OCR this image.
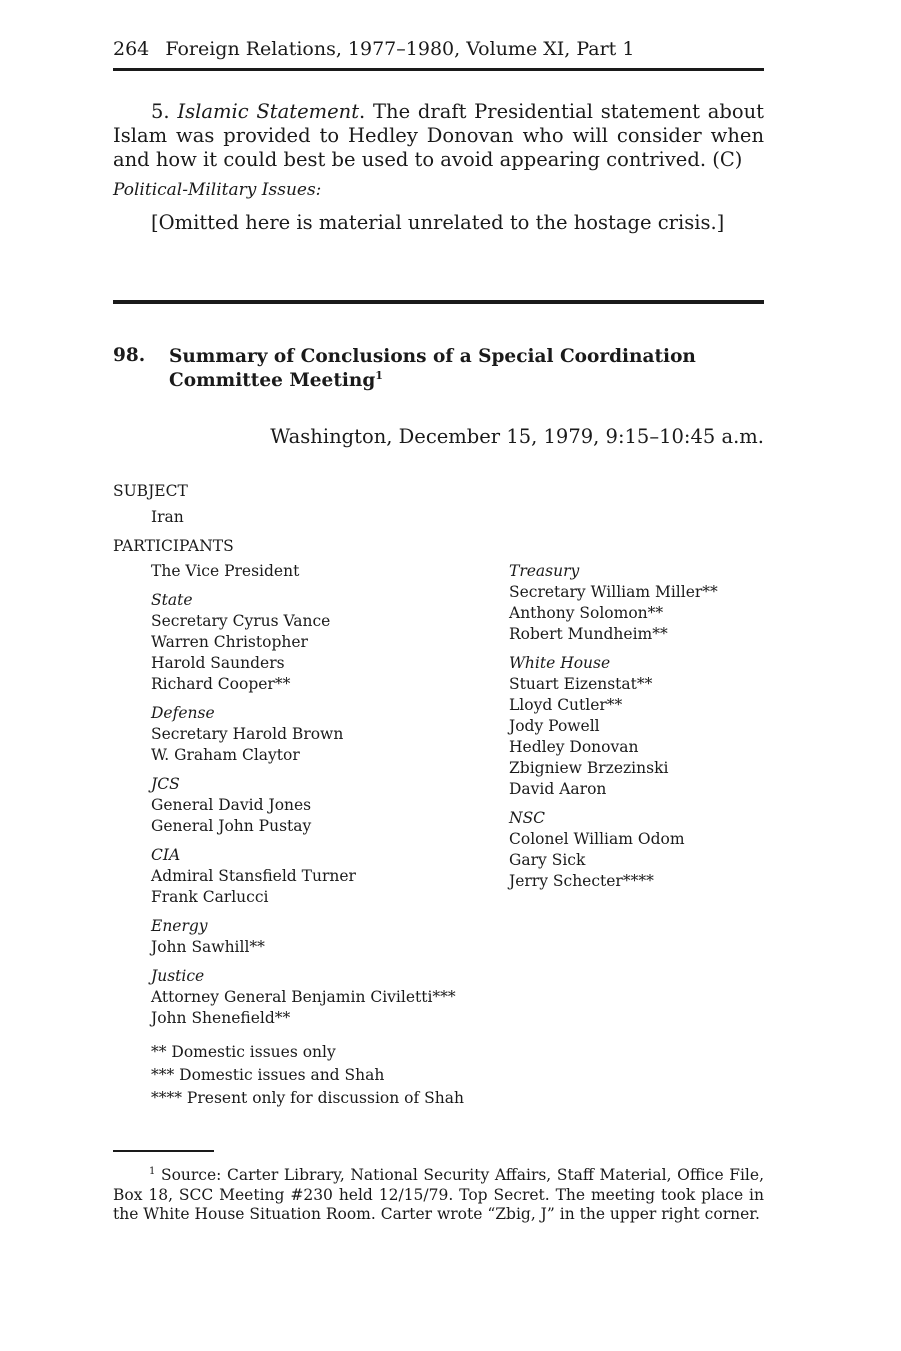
264 Foreign Relations, 1977–1980, Volume XI, Part 1
5. Islamic Statement. The draft Presidential statement about Islam was provided to Hedley Donovan who will consider when and how it could best be used to avoid appearing contrived. (C)
Political-Military Issues:
[Omitted here is material unrelated to the hostage crisis.]
98. Summary of Conclusions of a Special Coordination Committee Meeting$^1$
Washington, December 15, 1979, 9:15–10:45 a.m.
SUBJECT
Iran
PARTICIPANTS
The Vice President
State
Secretary Cyrus Vance
Warren Christopher
Harold Saunders
Richard Cooper**
Defense
Secretary Harold Brown
W. Graham Claytor
JCS
General David Jones
General John Pustay
CIA
Admiral Stansfield Turner
Frank Carlucci
Energy
John Sawhill**
Justice
Attorney General Benjamin Civiletti***
John Shenefield**
Treasury
Secretary William Miller**
Anthony Solomon**
Robert Mundheim**
White House
Stuart Eizenstat**
Lloyd Cutler**
Jody Powell
Hedley Donovan
Zbigniew Brzezinski
David Aaron
NSC
Colonel William Odom
Gary Sick
Jerry Schecter****
** Domestic issues only
*** Domestic issues and Shah
**** Present only for discussion of Shah
$^1$ Source: Carter Library, National Security Affairs, Staff Material, Office File, Box 18, SCC Meeting #230 held 12/15/79. Top Secret. The meeting took place in the White House Situation Room. Carter wrote “Zbig, J” in the upper right corner.
